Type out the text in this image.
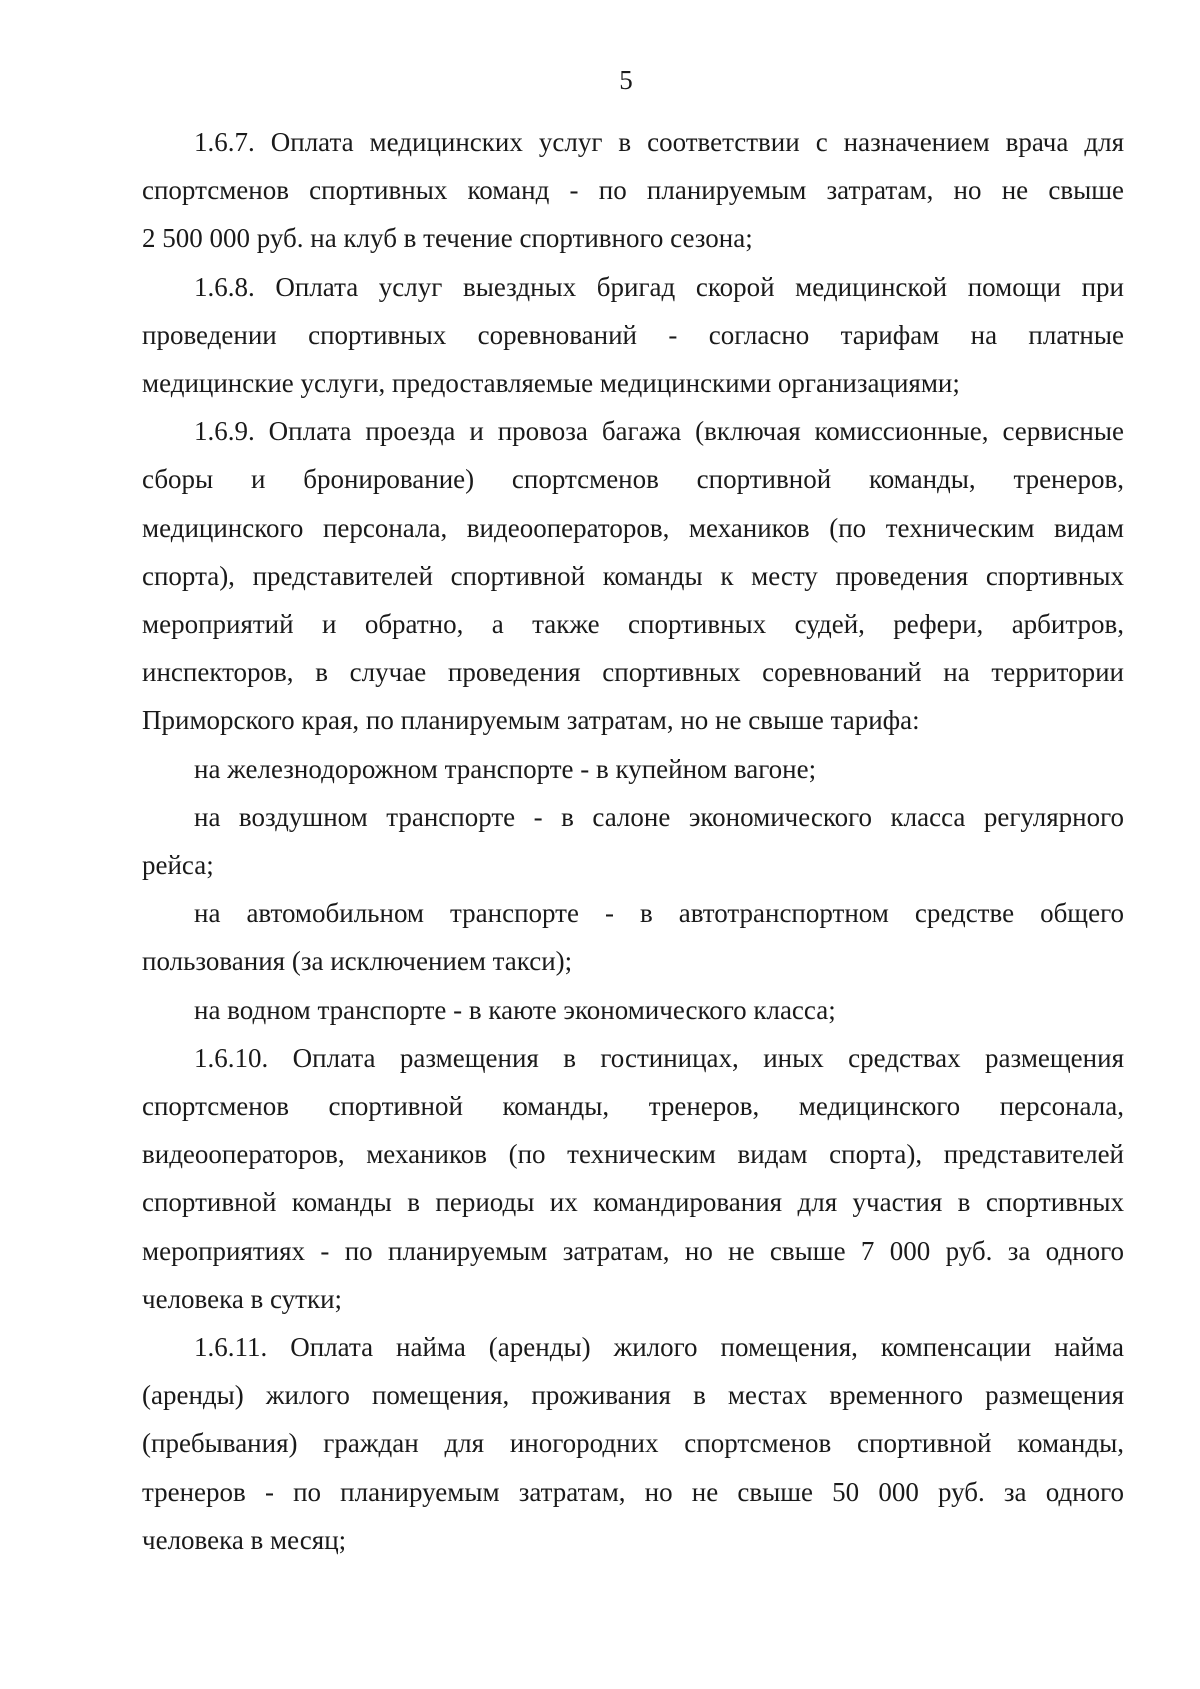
5
1.6.7. Оплата медицинских услуг в соответствии с назначением врача для
спортсменов спортивных команд - по планируемым затратам, но не свыше
2 500 000 руб. на клуб в течение спортивного сезона;
1.6.8. Оплата услуг выездных бригад скорой медицинской помощи при
проведении спортивных соревнований - согласно тарифам на платные
медицинские услуги, предоставляемые медицинскими организациями;
1.6.9. Оплата проезда и провоза багажа (включая комиссионные, сервисные
сборы и бронирование) спортсменов спортивной команды, тренеров,
медицинского персонала, видеооператоров, механиков (по техническим видам
спорта), представителей спортивной команды к месту проведения спортивных
мероприятий и обратно, а также спортивных судей, рефери, арбитров,
инспекторов, в случае проведения спортивных соревнований на территории
Приморского края, по планируемым затратам, но не свыше тарифа:
на железнодорожном транспорте - в купейном вагоне;
на воздушном транспорте - в салоне экономического класса регулярного
рейса;
на автомобильном транспорте - в автотранспортном средстве общего
пользования (за исключением такси);
на водном транспорте - в каюте экономического класса;
1.6.10. Оплата размещения в гостиницах, иных средствах размещения
спортсменов спортивной команды, тренеров, медицинского персонала,
видеооператоров, механиков (по техническим видам спорта), представителей
спортивной команды в периоды их командирования для участия в спортивных
мероприятиях - по планируемым затратам, но не свыше 7 000 руб. за одного
человека в сутки;
1.6.11. Оплата найма (аренды) жилого помещения, компенсации найма
(аренды) жилого помещения, проживания в местах временного размещения
(пребывания) граждан для иногородних спортсменов спортивной команды,
тренеров - по планируемым затратам, но не свыше 50 000 руб. за одного
человека в месяц;
